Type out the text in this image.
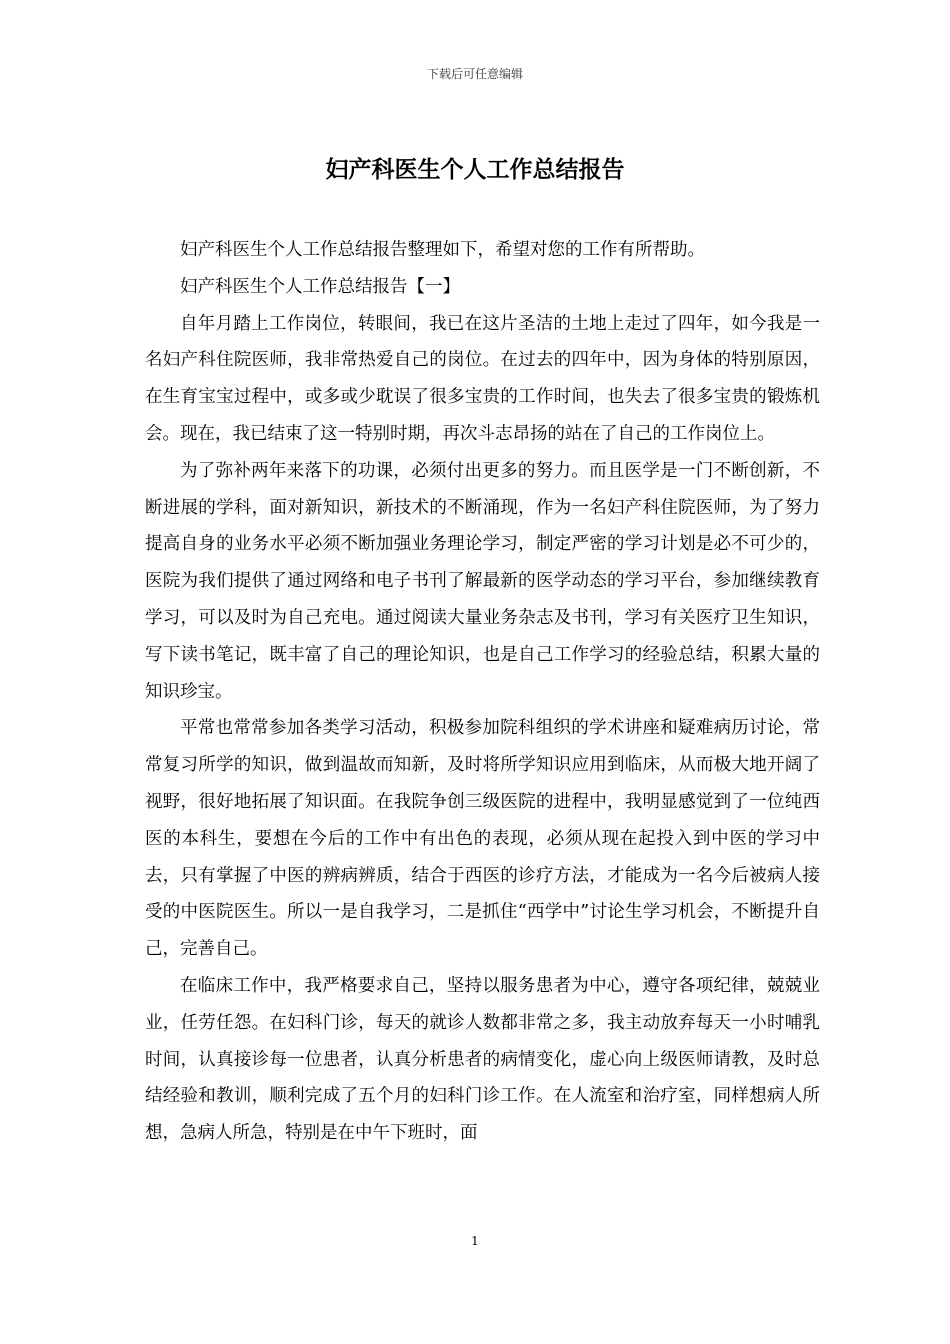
下载后可任意编辑
妇产科医生个人工作总结报告

妇产科医生个人工作总结报告整理如下，希望对您的工作有所帮助。

妇产科医生个人工作总结报告【一】

自年月踏上工作岗位，转眼间，我已在这片圣洁的土地上走过了四年，如今我是一名妇产科住院医师，我非常热爱自己的岗位。在过去的四年中，因为身体的特别原因，在生育宝宝过程中，或多或少耽误了很多宝贵的工作时间，也失去了很多宝贵的锻炼机会。现在，我已结束了这一特别时期，再次斗志昂扬的站在了自己的工作岗位上。

为了弥补两年来落下的功课，必须付出更多的努力。而且医学是一门不断创新，不断进展的学科，面对新知识，新技术的不断涌现，作为一名妇产科住院医师，为了努力提高自身的业务水平必须不断加强业务理论学习，制定严密的学习计划是必不可少的，医院为我们提供了通过网络和电子书刊了解最新的医学动态的学习平台，参加继续教育学习，可以及时为自己充电。通过阅读大量业务杂志及书刊，学习有关医疗卫生知识，写下读书笔记，既丰富了自己的理论知识，也是自己工作学习的经验总结，积累大量的知识珍宝。

平常也常常参加各类学习活动，积极参加院科组织的学术讲座和疑难病历讨论，常常复习所学的知识，做到温故而知新，及时将所学知识应用到临床，从而极大地开阔了视野，很好地拓展了知识面。在我院争创三级医院的进程中，我明显感觉到了一位纯西医的本科生，要想在今后的工作中有出色的表现，必须从现在起投入到中医的学习中去，只有掌握了中医的辨病辨质，结合于西医的诊疗方法，才能成为一名今后被病人接受的中医院医生。所以一是自我学习，二是抓住“西学中”讨论生学习机会，不断提升自己，完善自己。

在临床工作中，我严格要求自己，坚持以服务患者为中心，遵守各项纪律，兢兢业业，任劳任怨。在妇科门诊，每天的就诊人数都非常之多，我主动放弃每天一小时哺乳时间，认真接诊每一位患者，认真分析患者的病情变化，虚心向上级医师请教，及时总结经验和教训，顺利完成了五个月的妇科门诊工作。在人流室和治疗室，同样想病人所想，急病人所急，特别是在中午下班时，面

1
